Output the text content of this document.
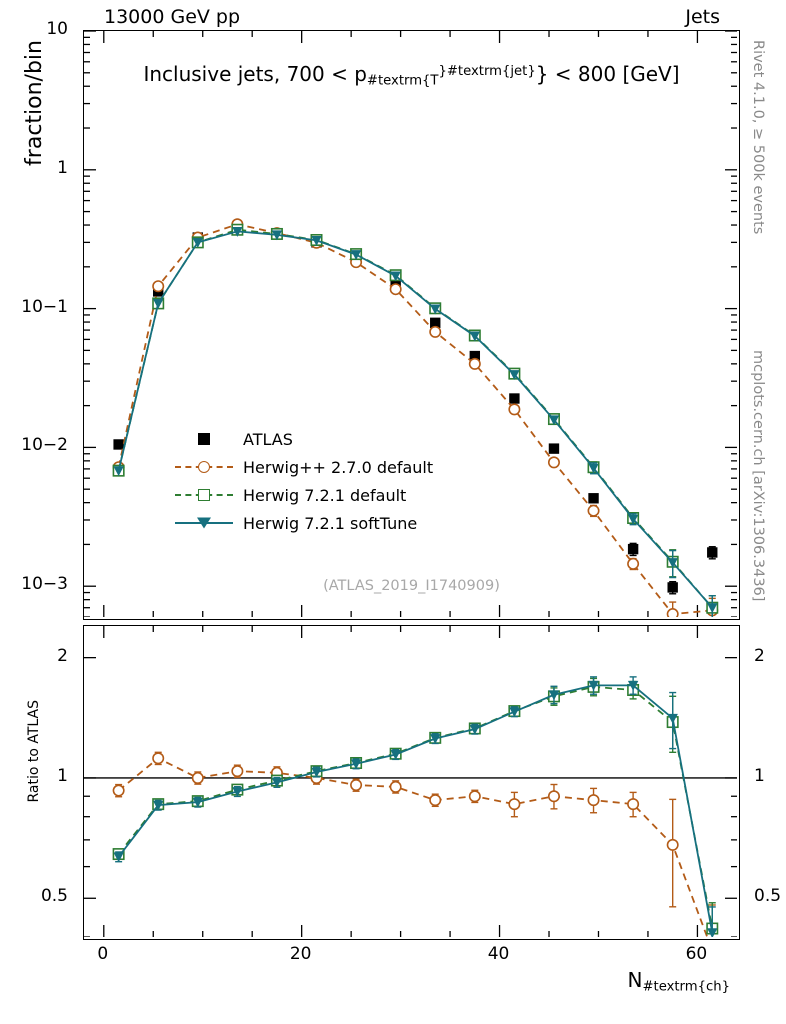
13000 GeV pp	Jets
Rivet 4.1.0, ≥ 500k events
mcplots.cern.ch [arXiv:1306.3436]
fraction/bin
Ratio to ATLAS
10
1
10−1
10−2
10−3
Inclusive jets, $700 < p_{\#textrm\{T}^{\}\#textrm\{jet\}}\} < 800$ [GeV]
ATLAS
Herwig++ 2.7.0 default
Herwig 7.2.1 default
Herwig 7.2.1 softTune
(ATLAS_2019_I1740909)
2
1
0.5
2
1
0.5
0	20	40	60
$N_{\#textrm\{ch\}}$
